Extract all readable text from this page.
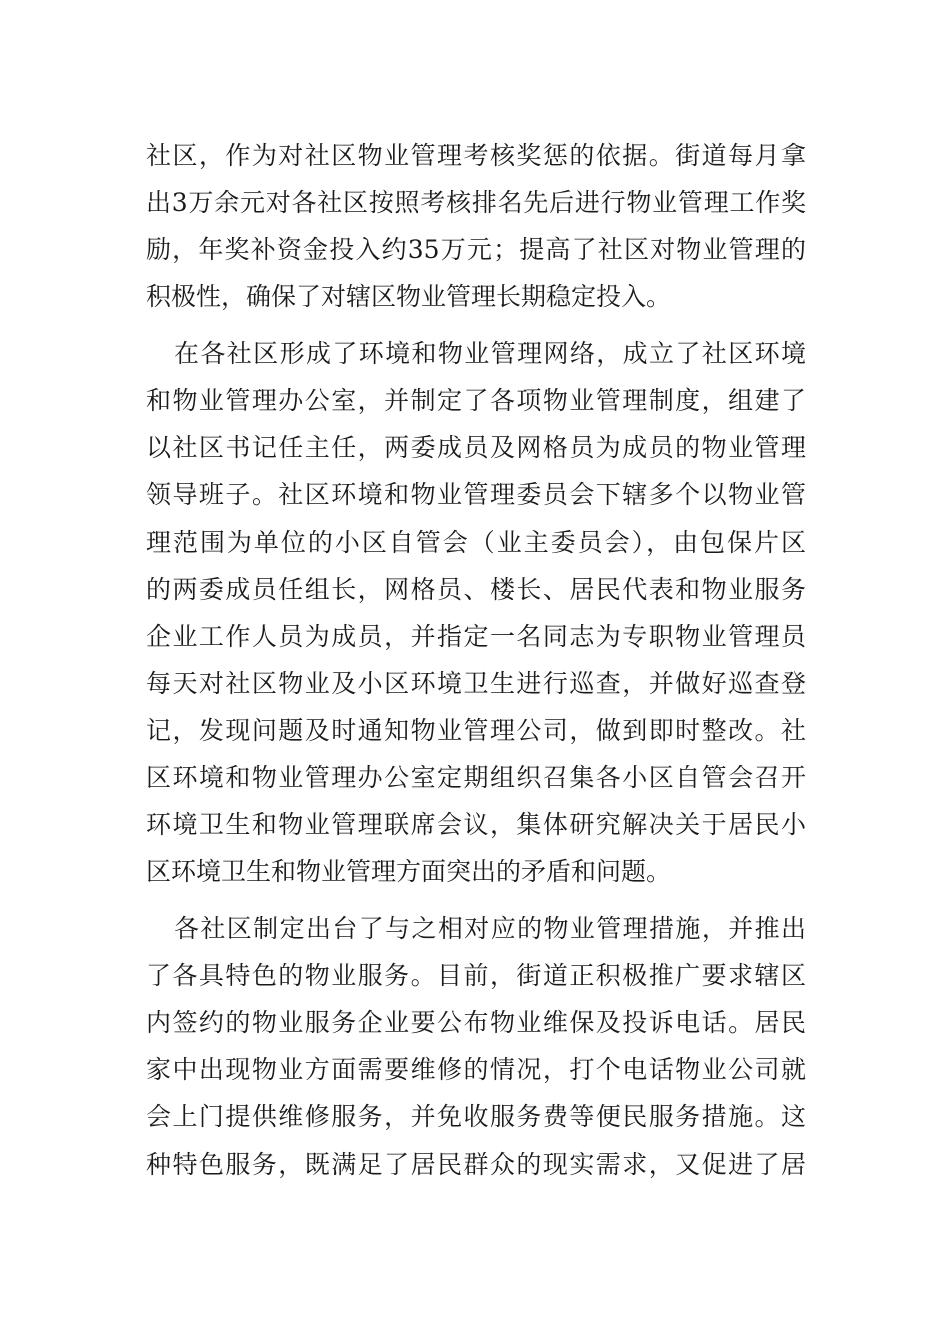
社区，作为对社区物业管理考核奖惩的依据。街道每月拿
出3万余元对各社区按照考核排名先后进行物业管理工作奖
励，年奖补资金投入约35万元；提高了社区对物业管理的
积极性，确保了对辖区物业管理长期稳定投入。
在各社区形成了环境和物业管理网络，成立了社区环境
和物业管理办公室，并制定了各项物业管理制度，组建了
以社区书记任主任，两委成员及网格员为成员的物业管理
领导班子。社区环境和物业管理委员会下辖多个以物业管
理范围为单位的小区自管会（业主委员会），由包保片区
的两委成员任组长，网格员、楼长、居民代表和物业服务
企业工作人员为成员，并指定一名同志为专职物业管理员
每天对社区物业及小区环境卫生进行巡查，并做好巡查登
记，发现问题及时通知物业管理公司，做到即时整改。社
区环境和物业管理办公室定期组织召集各小区自管会召开
环境卫生和物业管理联席会议，集体研究解决关于居民小
区环境卫生和物业管理方面突出的矛盾和问题。
各社区制定出台了与之相对应的物业管理措施，并推出
了各具特色的物业服务。目前，街道正积极推广要求辖区
内签约的物业服务企业要公布物业维保及投诉电话。居民
家中出现物业方面需要维修的情况，打个电话物业公司就
会上门提供维修服务，并免收服务费等便民服务措施。这
种特色服务，既满足了居民群众的现实需求，又促进了居
